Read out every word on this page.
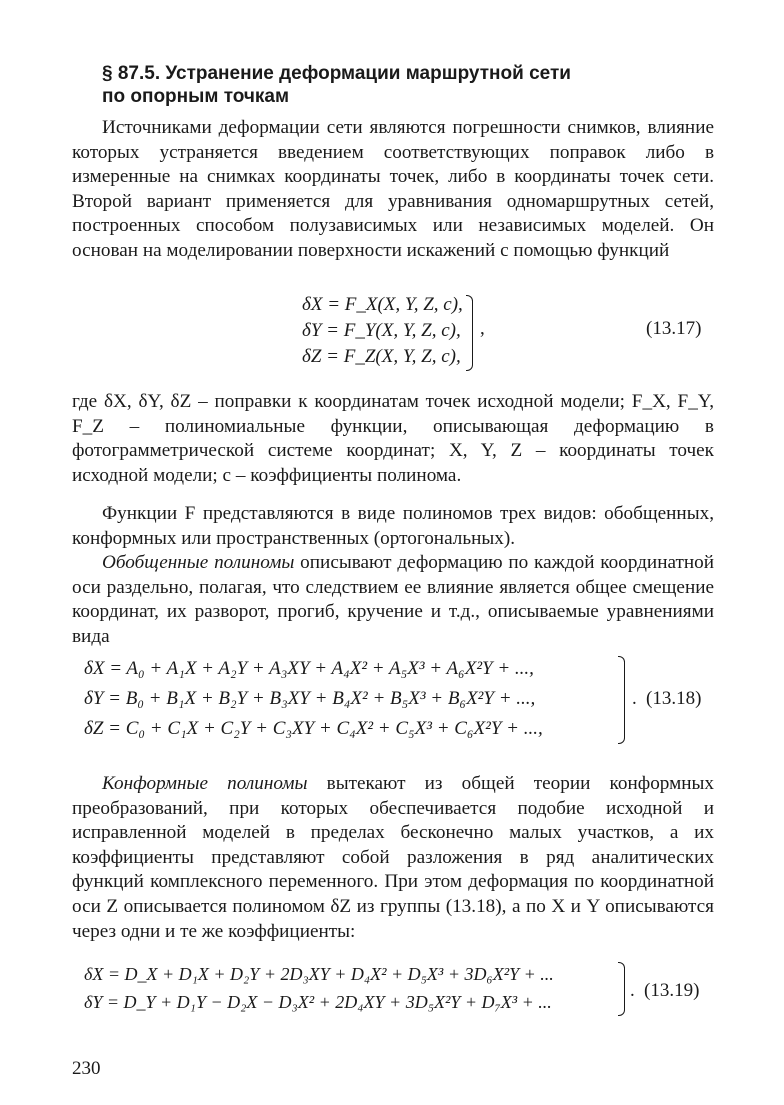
§ 87.5. Устранение деформации маршрутной сети
по опорным точкам
Источниками деформации сети являются погрешности снимков, влияние которых устраняется введением соответствующих поправок либо в измеренные на снимках координаты точек, либо в координаты точек сети. Второй вариант применяется для уравнивания одномаршрутных сетей, построенных способом полузависимых или независимых моделей. Он основан на моделировании поверхности искажений с помощью функций
δX = F_X(X, Y, Z, c),
δY = F_Y(X, Y, Z, c),
δZ = F_Z(X, Y, Z, c),
,	(13.17)
где δX, δY, δZ – поправки к координатам точек исходной модели; F_X, F_Y, F_Z – полиномиальные функции, описывающая деформацию в фотограмметрической системе координат; X, Y, Z – координаты точек исходной модели; c – коэффициенты полинома.
Функции F представляются в виде полиномов трех видов: обобщенных, конформных или пространственных (ортогональных).
Обобщенные полиномы описывают деформацию по каждой координатной оси раздельно, полагая, что следствием ее влияние является общее смещение координат, их разворот, прогиб, кручение и т.д., описываемые уравнениями вида
δX = A₀ + A₁X + A₂Y + A₃XY + A₄X² + A₅X³ + A₆X²Y + ...,
δY = B₀ + B₁X + B₂Y + B₃XY + B₄X² + B₅X³ + B₆X²Y + ...,
δZ = C₀ + C₁X + C₂Y + C₃XY + C₄X² + C₅X³ + C₆X²Y + ...,
. (13.18)
Конформные полиномы вытекают из общей теории конформных преобразований, при которых обеспечивается подобие исходной и исправленной моделей в пределах бесконечно малых участков, а их коэффициенты представляют собой разложения в ряд аналитических функций комплексного переменного. При этом деформация по координатной оси Z описывается полиномом δZ из группы (13.18), а по X и Y описываются через одни и те же коэффициенты:
δX = D_X + D₁X + D₂Y + 2D₃XY + D₄X² + D₅X³ + 3D₆X²Y + ...
δY = D_Y + D₁Y − D₂X − D₃X² + 2D₄XY + 3D₅X²Y + D₇X³ + ...
. (13.19)
230
